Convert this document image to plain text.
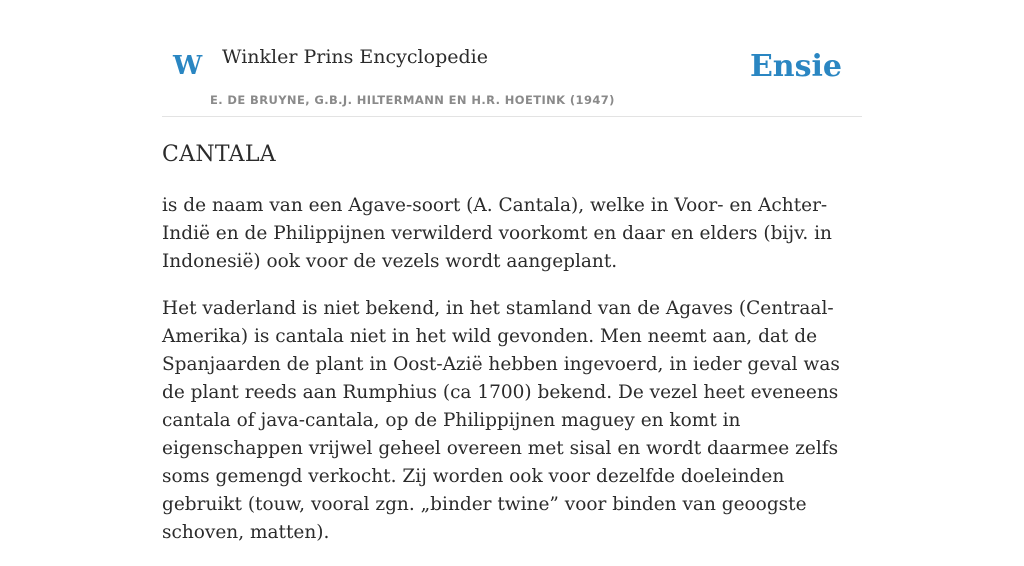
W Winkler Prins Encyclopedie
E. DE BRUYNE, G.B.J. HILTERMANN EN H.R. HOETINK (1947)
Ensie
CANTALA

is de naam van een Agave-soort (A. Cantala), welke in Voor- en Achter-Indië en de Philippijnen verwilderd voorkomt en daar en elders (bijv. in Indonesië) ook voor de vezels wordt aangeplant.

Het vaderland is niet bekend, in het stamland van de Agaves (Centraal-Amerika) is cantala niet in het wild gevonden. Men neemt aan, dat de Spanjaarden de plant in Oost-Azië hebben ingevoerd, in ieder geval was de plant reeds aan Rumphius (ca 1700) bekend. De vezel heet eveneens cantala of java-cantala, op de Philippijnen maguey en komt in eigenschappen vrijwel geheel overeen met sisal en wordt daarmee zelfs soms gemengd verkocht. Zij worden ook voor dezelfde doeleinden gebruikt (touw, vooral zgn. „binder twine” voor binden van geoogste schoven, matten).
